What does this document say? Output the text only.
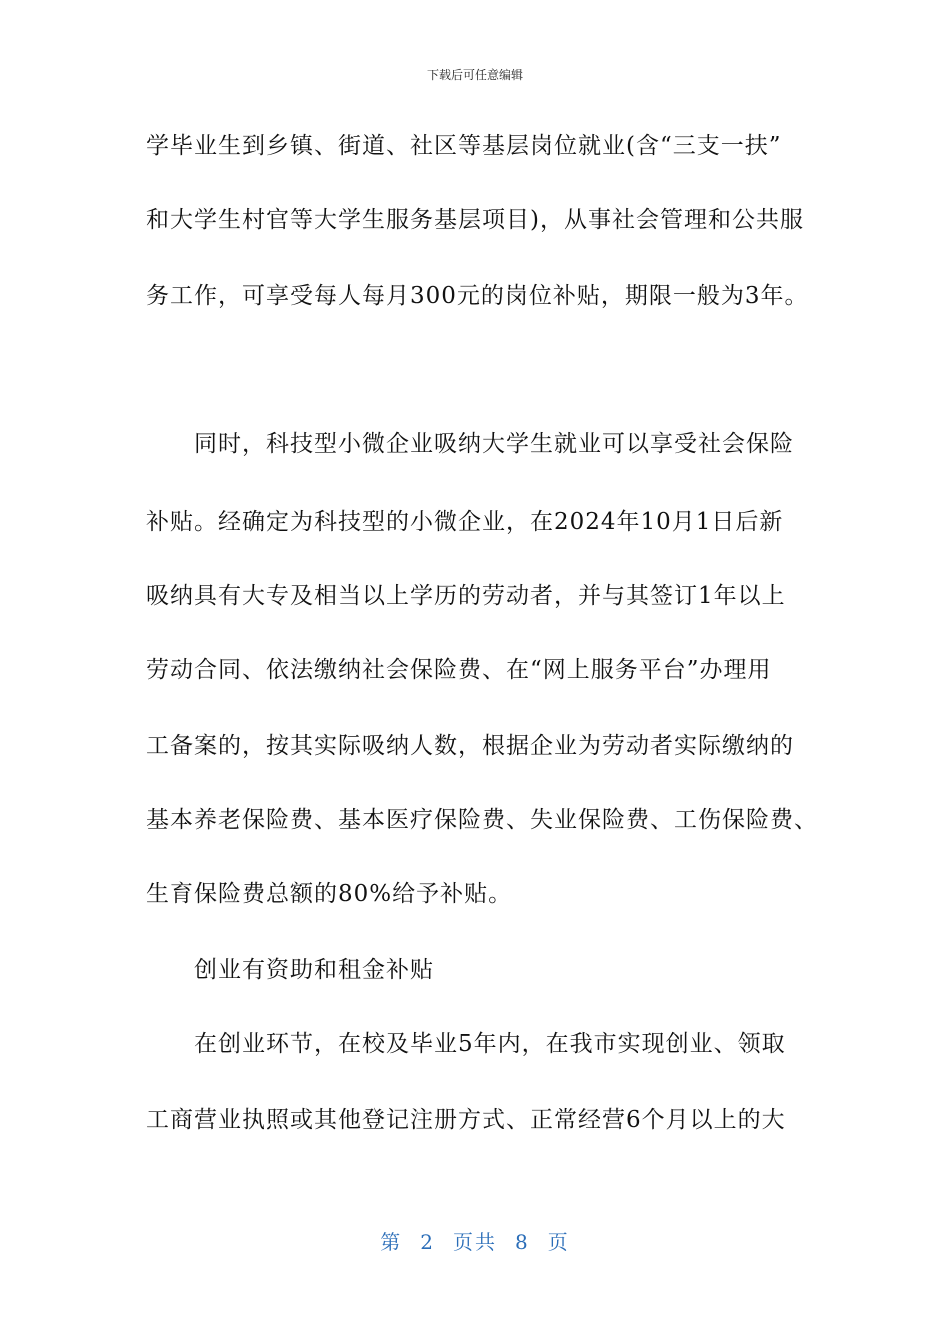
下载后可任意编辑
学毕业生到乡镇、街道、社区等基层岗位就业(含“三支一扶”
和大学生村官等大学生服务基层项目)，从事社会管理和公共服
务工作，可享受每人每月300元的岗位补贴，期限一般为3年。
同时，科技型小微企业吸纳大学生就业可以享受社会保险
补贴。经确定为科技型的小微企业，在2024年10月1日后新
吸纳具有大专及相当以上学历的劳动者，并与其签订1年以上
劳动合同、依法缴纳社会保险费、在“网上服务平台”办理用
工备案的，按其实际吸纳人数，根据企业为劳动者实际缴纳的
基本养老保险费、基本医疗保险费、失业保险费、工伤保险费、
生育保险费总额的80%给予补贴。
创业有资助和租金补贴
在创业环节，在校及毕业5年内，在我市实现创业、领取
工商营业执照或其他登记注册方式、正常经营6个月以上的大
第 2 页共 8 页
